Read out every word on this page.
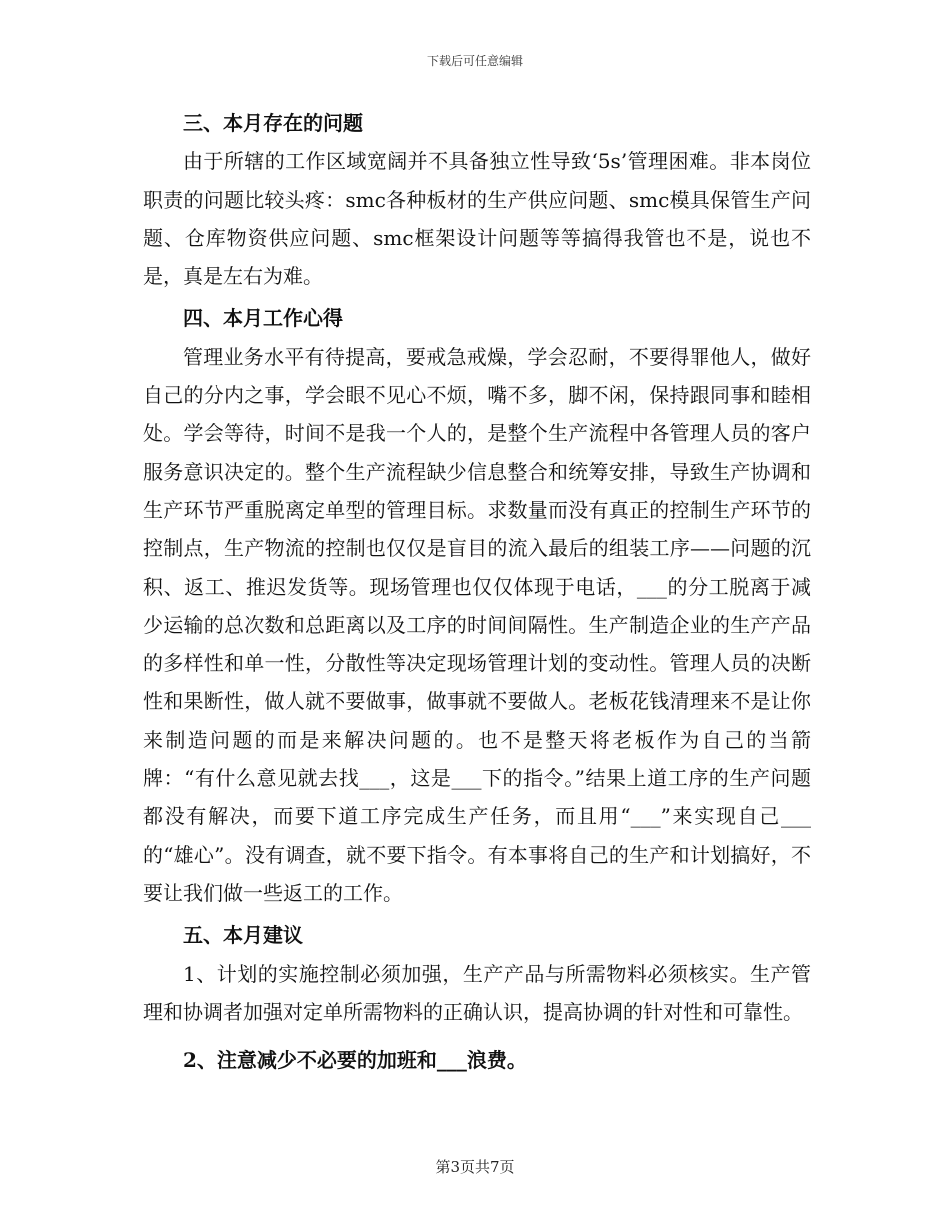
下载后可任意编辑

三、本月存在的问题

由于所辖的工作区域宽阔并不具备独立性导致‘5s’管理困难。非本岗位职责的问题比较头疼：smc各种板材的生产供应问题、smc模具保管生产问题、仓库物资供应问题、smc框架设计问题等等搞得我管也不是，说也不是，真是左右为难。

四、本月工作心得

管理业务水平有待提高，要戒急戒燥，学会忍耐，不要得罪他人，做好自己的分内之事，学会眼不见心不烦，嘴不多，脚不闲，保持跟同事和睦相处。学会等待，时间不是我一个人的，是整个生产流程中各管理人员的客户服务意识决定的。整个生产流程缺少信息整合和统筹安排，导致生产协调和生产环节严重脱离定单型的管理目标。求数量而没有真正的控制生产环节的控制点，生产物流的控制也仅仅是盲目的流入最后的组装工序——问题的沉积、返工、推迟发货等。现场管理也仅仅体现于电话，___的分工脱离于减少运输的总次数和总距离以及工序的时间间隔性。生产制造企业的生产产品的多样性和单一性，分散性等决定现场管理计划的变动性。管理人员的决断性和果断性，做人就不要做事，做事就不要做人。老板花钱清理来不是让你来制造问题的而是来解决问题的。也不是整天将老板作为自己的当箭牌：“有什么意见就去找___，这是___下的指令。”结果上道工序的生产问题都没有解决，而要下道工序完成生产任务，而且用“___”来实现自己___的“雄心”。没有调查，就不要下指令。有本事将自己的生产和计划搞好，不要让我们做一些返工的工作。

五、本月建议

1、计划的实施控制必须加强，生产产品与所需物料必须核实。生产管理和协调者加强对定单所需物料的正确认识，提高协调的针对性和可靠性。

2、注意减少不必要的加班和___浪费。

第3页共7页
